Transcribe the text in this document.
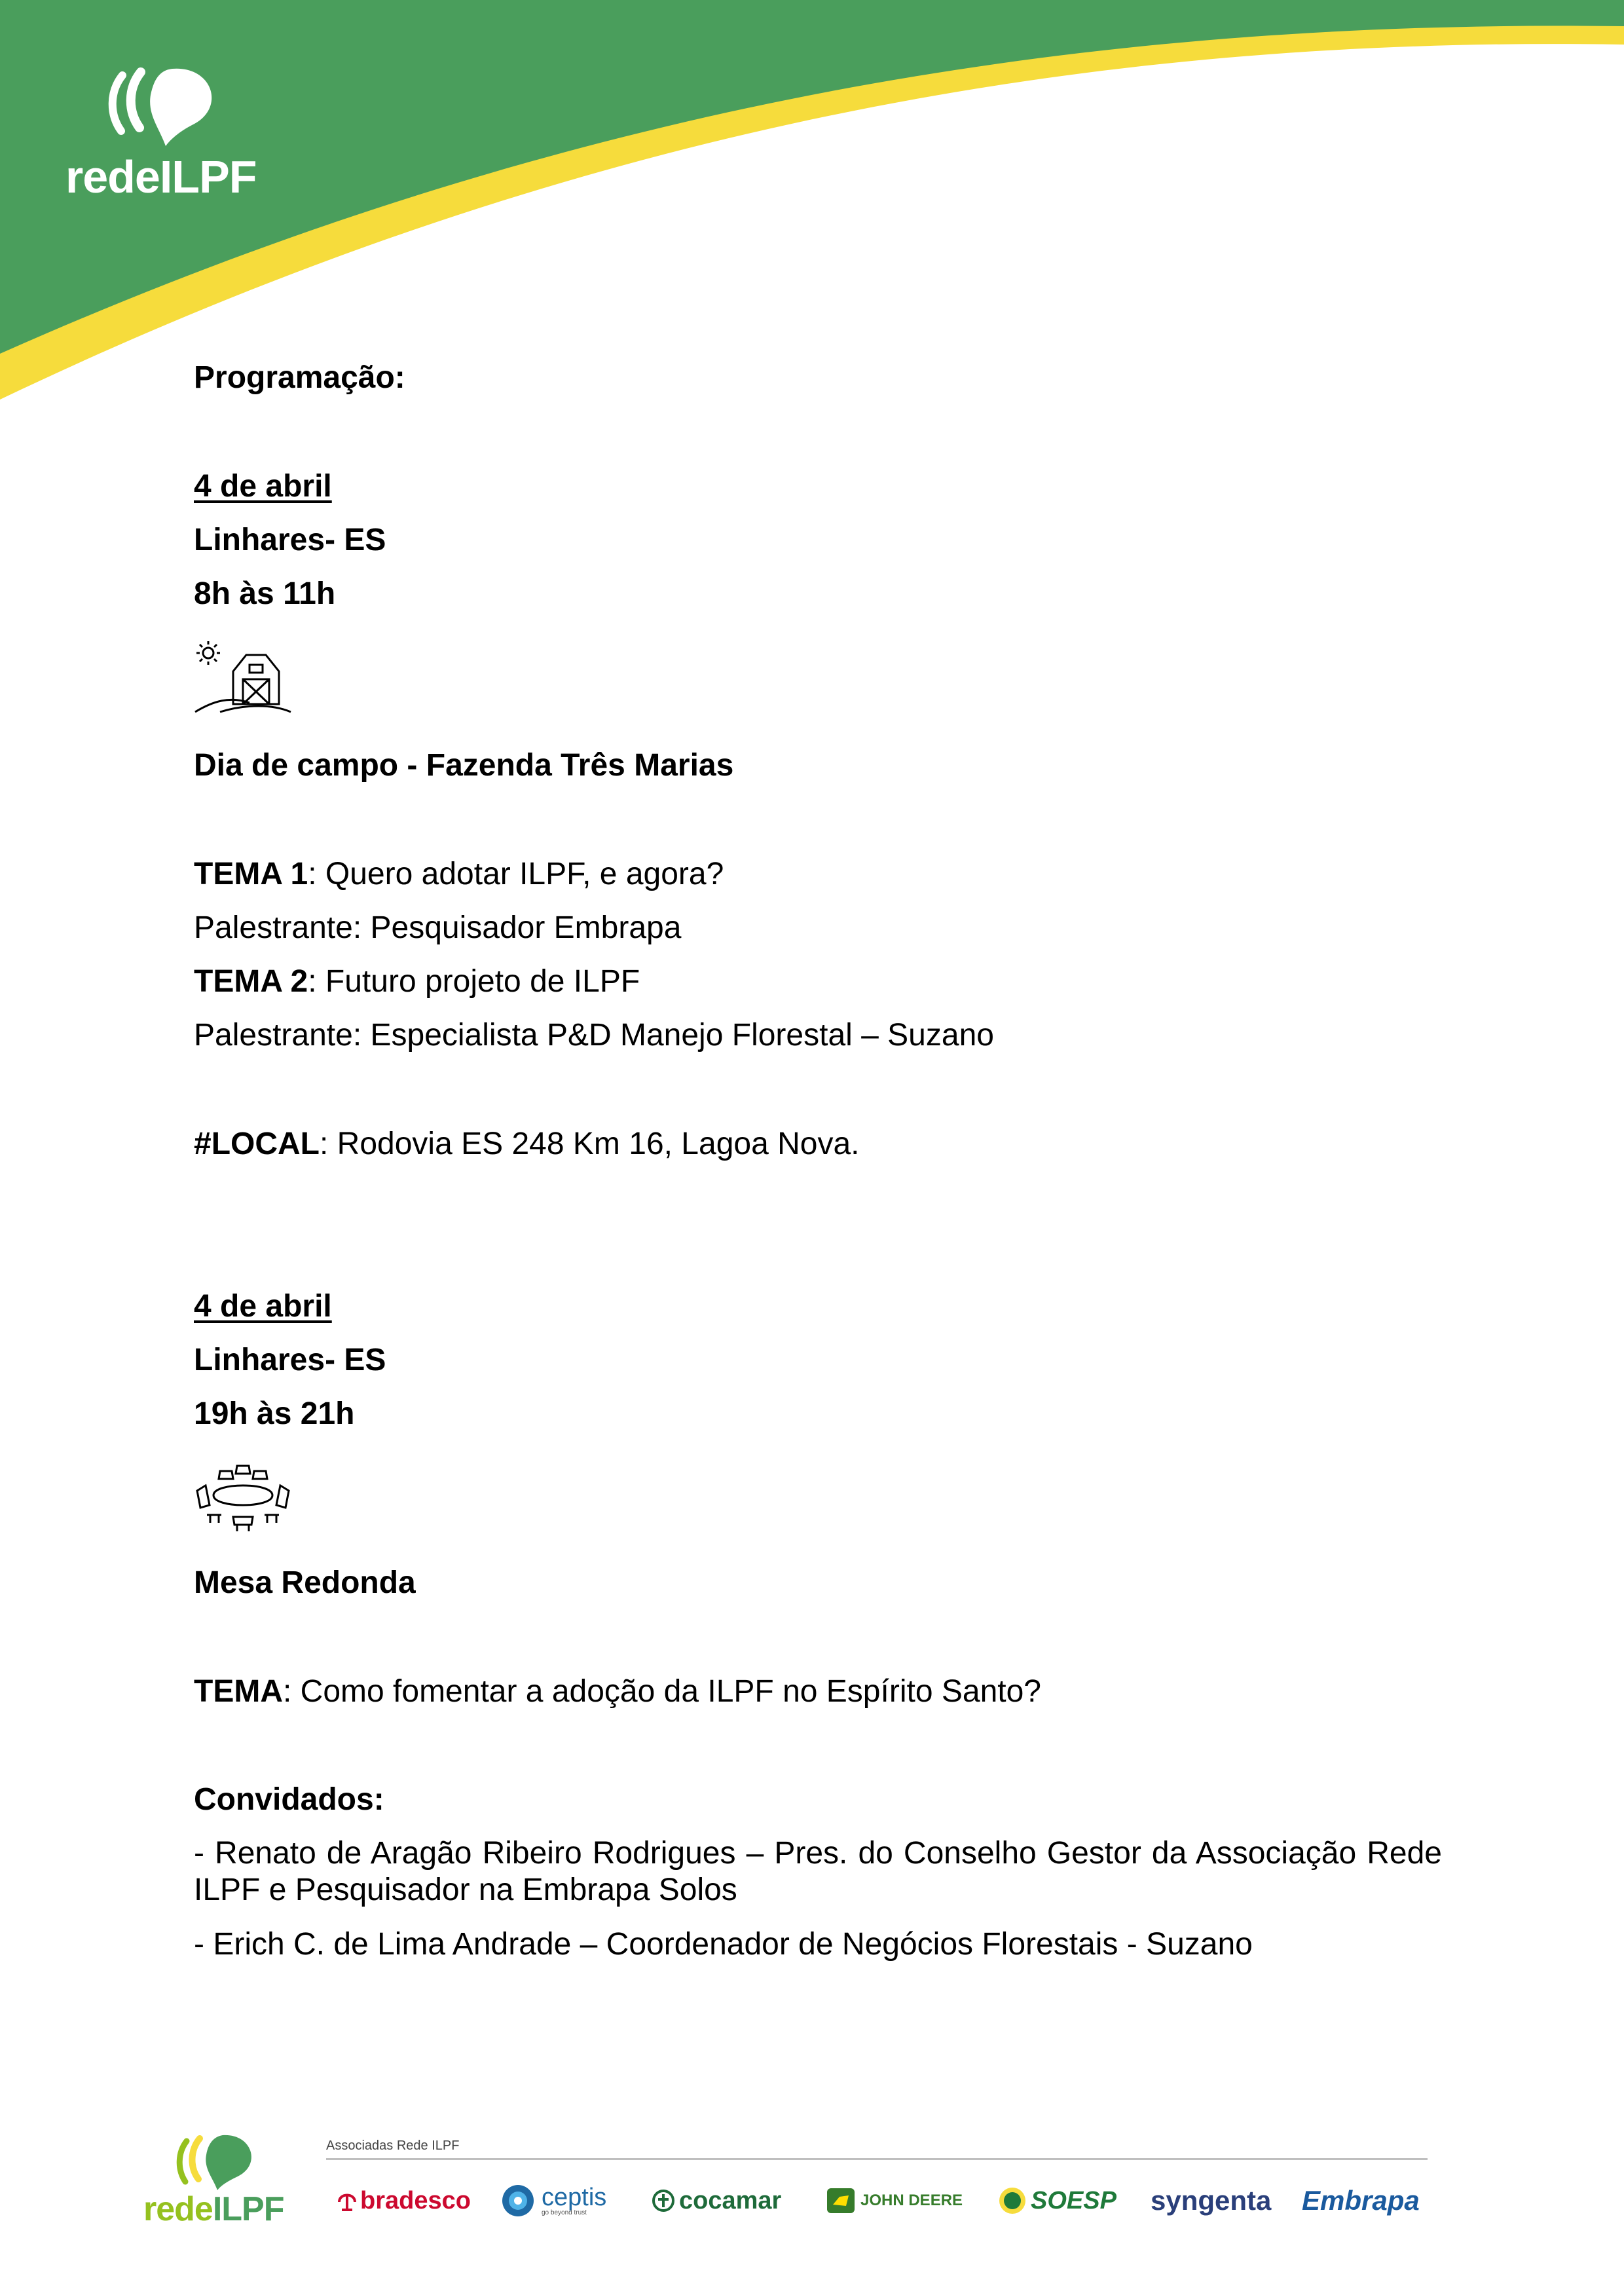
redeILPF
Programação:
4 de abril
Linhares- ES
8h às 11h
Dia de campo - Fazenda Três Marias
TEMA 1: Quero adotar ILPF, e agora?
Palestrante: Pesquisador Embrapa
TEMA 2: Futuro projeto de ILPF
Palestrante: Especialista P&D Manejo Florestal – Suzano
#LOCAL: Rodovia ES 248 Km 16, Lagoa Nova.
4 de abril
Linhares- ES
19h às 21h
Mesa Redonda
TEMA: Como fomentar a adoção da ILPF no Espírito Santo?
Convidados:
- Renato de Aragão Ribeiro Rodrigues – Pres. do Conselho Gestor da Associação Rede ILPF e Pesquisador na Embrapa Solos
- Erich C. de Lima Andrade – Coordenador de Negócios Florestais - Suzano
redeILPF
Associadas Rede ILPF
bradesco	ceptis
go beyond trust	cocamar	JOHN DEERE	SOESP syngenta Embrapa
